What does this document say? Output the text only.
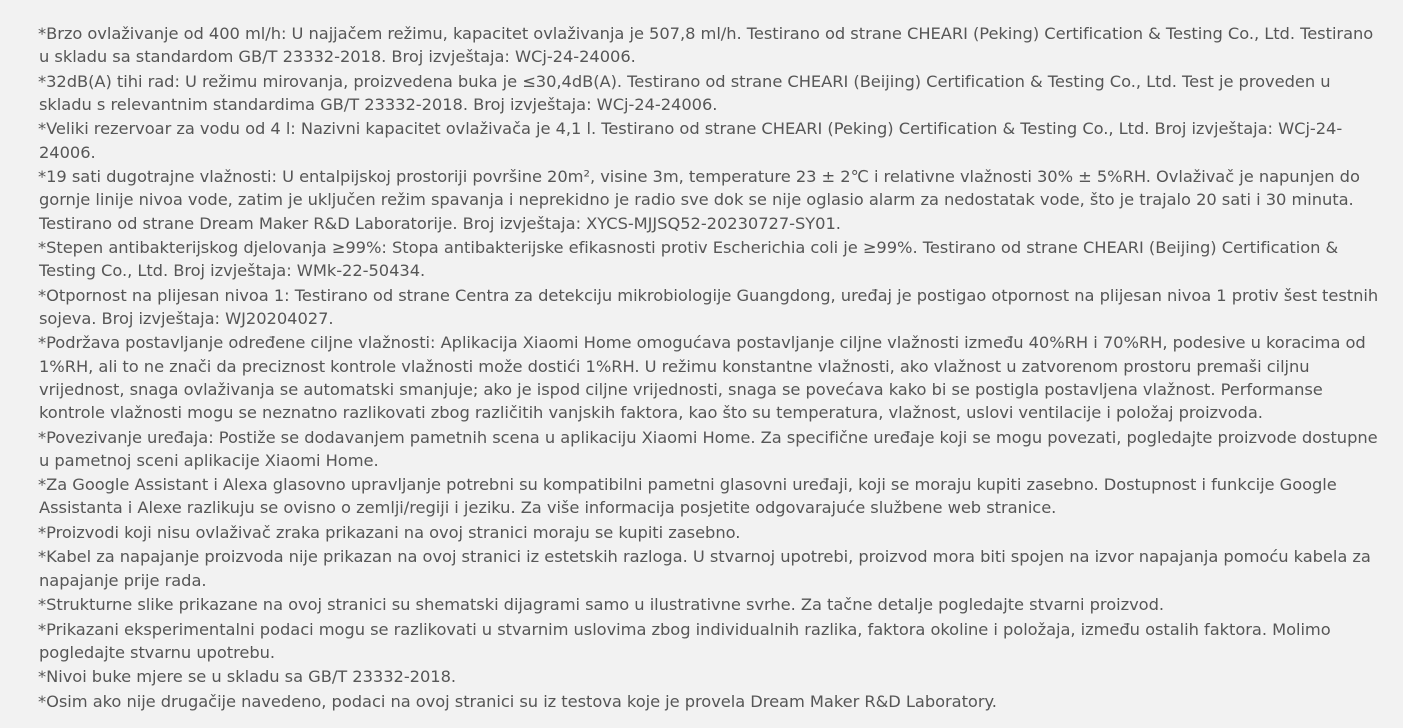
*Brzo ovlaživanje od 400 ml/h: U najjačem režimu, kapacitet ovlaživanja je 507,8 ml/h. Testirano od strane CHEARI (Peking) Certification & Testing Co., Ltd. Testirano u skladu sa standardom GB/T 23332-2018. Broj izvještaja: WCj-24-24006.

*32dB(A) tihi rad: U režimu mirovanja, proizvedena buka je ≤30,4dB(A). Testirano od strane CHEARI (Beijing) Certification & Testing Co., Ltd. Test je proveden u skladu s relevantnim standardima GB/T 23332-2018. Broj izvještaja: WCj-24-24006.

*Veliki rezervoar za vodu od 4 l: Nazivni kapacitet ovlaživača je 4,1 l. Testirano od strane CHEARI (Peking) Certification & Testing Co., Ltd. Broj izvještaja: WCj-24-24006.

*19 sati dugotrajne vlažnosti: U entalpijskoj prostoriji površine 20m², visine 3m, temperature 23 ± 2℃ i relativne vlažnosti 30% ± 5%RH. Ovlaživač je napunjen do gornje linije nivoa vode, zatim je uključen režim spavanja i neprekidno je radio sve dok se nije oglasio alarm za nedostatak vode, što je trajalo 20 sati i 30 minuta. Testirano od strane Dream Maker R&D Laboratorije. Broj izvještaja: XYCS-MJJSQ52-20230727-SY01.

*Stepen antibakterijskog djelovanja ≥99%: Stopa antibakterijske efikasnosti protiv Escherichia coli je ≥99%. Testirano od strane CHEARI (Beijing) Certification & Testing Co., Ltd. Broj izvještaja: WMk-22-50434.

*Otpornost na plijesan nivoa 1: Testirano od strane Centra za detekciju mikrobiologije Guangdong, uređaj je postigao otpornost na plijesan nivoa 1 protiv šest testnih sojeva. Broj izvještaja: WJ20204027.

*Podržava postavljanje određene ciljne vlažnosti: Aplikacija Xiaomi Home omogućava postavljanje ciljne vlažnosti između 40%RH i 70%RH, podesive u koracima od 1%RH, ali to ne znači da preciznost kontrole vlažnosti može dostići 1%RH. U režimu konstantne vlažnosti, ako vlažnost u zatvorenom prostoru premaši ciljnu vrijednost, snaga ovlaživanja se automatski smanjuje; ako je ispod ciljne vrijednosti, snaga se povećava kako bi se postigla postavljena vlažnost. Performanse kontrole vlažnosti mogu se neznatno razlikovati zbog različitih vanjskih faktora, kao što su temperatura, vlažnost, uslovi ventilacije i položaj proizvoda.

*Povezivanje uređaja: Postiže se dodavanjem pametnih scena u aplikaciju Xiaomi Home. Za specifične uređaje koji se mogu povezati, pogledajte proizvode dostupne u pametnoj sceni aplikacije Xiaomi Home.

*Za Google Assistant i Alexa glasovno upravljanje potrebni su kompatibilni pametni glasovni uređaji, koji se moraju kupiti zasebno. Dostupnost i funkcije Google Assistanta i Alexe razlikuju se ovisno o zemlji/regiji i jeziku. Za više informacija posjetite odgovarajuće službene web stranice.

*Proizvodi koji nisu ovlaživač zraka prikazani na ovoj stranici moraju se kupiti zasebno.

*Kabel za napajanje proizvoda nije prikazan na ovoj stranici iz estetskih razloga. U stvarnoj upotrebi, proizvod mora biti spojen na izvor napajanja pomoću kabela za napajanje prije rada.

*Strukturne slike prikazane na ovoj stranici su shematski dijagrami samo u ilustrativne svrhe. Za tačne detalje pogledajte stvarni proizvod.

*Prikazani eksperimentalni podaci mogu se razlikovati u stvarnim uslovima zbog individualnih razlika, faktora okoline i položaja, između ostalih faktora. Molimo pogledajte stvarnu upotrebu.

*Nivoi buke mjere se u skladu sa GB/T 23332-2018.

*Osim ako nije drugačije navedeno, podaci na ovoj stranici su iz testova koje je provela Dream Maker R&D Laboratory.
